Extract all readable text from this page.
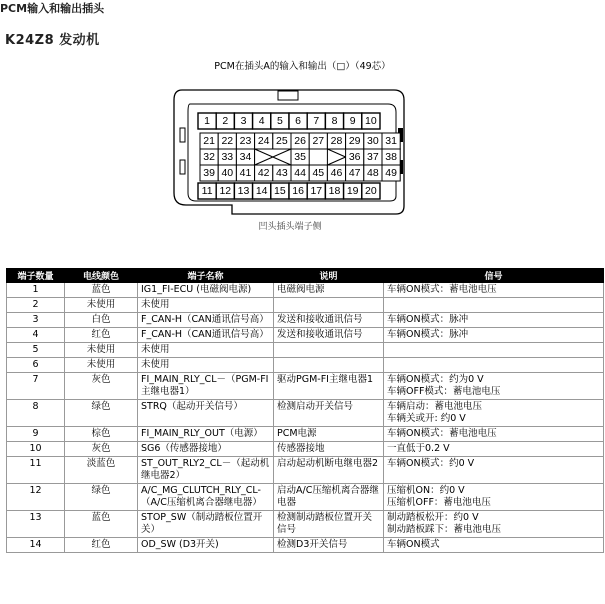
PCM输入和输出插头
K24Z8 发动机
PCM在插头A的输入和输出（□）（49芯）
1 2 3 4 5 6 7 8 9 10
21 22 23 24 25 26 27 28 29 30 31
32 33 34	35	36 37 38
39 40 41 42 43 44 45 46 47 48 49
11 12 13 14 15 16 17 18 19 20
凹头插头端子侧
端子数量	电线颜色	端子名称	说明	信号
1	蓝色	IG1_FI-ECU (电磁阀电源)	电磁阀电源	车辆ON模式：蓄电池电压
2	未使用	未使用		
3	白色	F_CAN-H（CAN通讯信号高）	发送和接收通讯信号	车辆ON模式：脉冲
4	红色	F_CAN-H（CAN通讯信号高）	发送和接收通讯信号	车辆ON模式：脉冲
5	未使用	未使用		
6	未使用	未使用		
7	灰色	FI_MAIN_RLY_CL－（PGM-FI主继电器1）	驱动PGM-FI主继电器1	车辆ON模式：约为0 V
车辆OFF模式：蓄电池电压
8	绿色	STRQ（起动开关信号）	检测启动开关信号	车辆启动：蓄电池电压
车辆关或开: 约0 V
9	棕色	FI_MAIN_RLY_OUT（电源）	PCM电源	车辆ON模式：蓄电池电压
10	灰色	SG6（传感器接地）	传感器接地	一直低于0.2 V
11	淡蓝色	ST_OUT_RLY2_CL－（起动机继电器2）	启动起动机断电继电器2	车辆ON模式：约0 V
12	绿色	A/C_MG_CLUTCH_RLY_CL-（A/C压缩机离合器继电器）	启动A/C压缩机离合器继电器	压缩机ON：约0 V
压缩机OFF：蓄电池电压
13	蓝色	STOP_SW（制动踏板位置开关）	检测制动踏板位置开关信号	制动踏板松开：约0 V
制动踏板踩下：蓄电池电压
14	红色	OD_SW (D3开关)	检测D3开关信号	车辆ON模式
